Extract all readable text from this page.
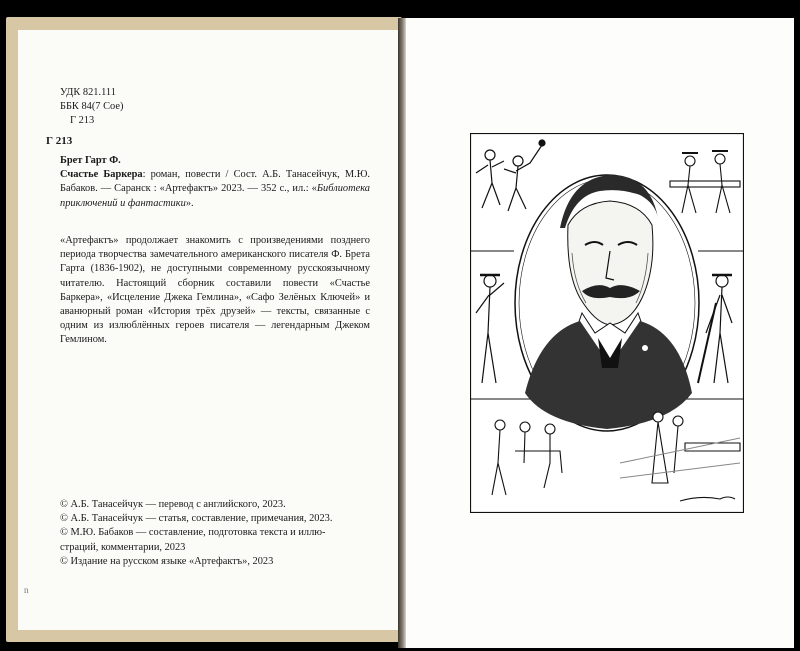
УДК 821.111
ББК 84(7 Сое)
Г 213
Г 213
Брет Гарт Ф.
Счастье Баркера: роман, повести / Сост. А.Б. Танасейчук, М.Ю. Бабаков. — Саранск : «Артефактъ» 2023. — 352 с., ил.: «Библиотека приключений и фантастики».
«Артефактъ» продолжает знакомить с произведениями позднего периода творчества замечательного американского писателя Ф. Брета Гарта (1836-1902), не доступными современному русскоязычному читателю. Настоящий сборник составили повести «Счастье Баркера», «Исцеление Джека Гемлина», «Сафо Зелёных Ключей» и аванюрный роман «История трёх друзей» — тексты, связанные с одним из излюблённых героев писателя — легендарным Джеком Гемлином.
© А.Б. Танасейчук — перевод с английского, 2023.
© А.Б. Танасейчук — статья, составление, примечания, 2023.
© М.Ю. Бабаков — составление, подготовка текста и иллю-
страций, комментарии, 2023
© Издание на русском языке «Артефактъ», 2023
n
